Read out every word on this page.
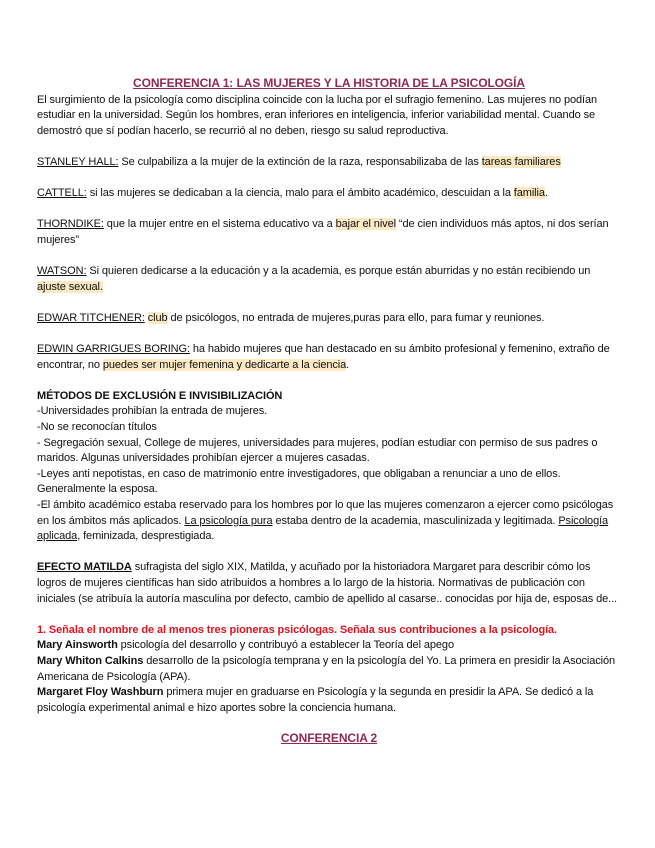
CONFERENCIA 1: LAS MUJERES Y LA HISTORIA DE LA PSICOLOGÍA

El surgimiento de la psicología como disciplina coincide con la lucha por el sufragio femenino. Las mujeres no podían estudiar en la universidad. Según los hombres, eran inferiores en inteligencia, inferior variabilidad mental. Cuando se demostró que sí podían hacerlo, se recurrió al no deben, riesgo su salud reproductiva.

STANLEY HALL: Se culpabiliza a la mujer de la extinción de la raza, responsabilizaba de las tareas familiares

CATTELL: si las mujeres se dedicaban a la ciencia, malo para el ámbito académico, descuidan a la familia.

THORNDIKE: que la mujer entre en el sistema educativo va a bajar el nivel “de cien individuos más aptos, ni dos serían mujeres”

WATSON: Si quieren dedicarse a la educación y a la academia, es porque están aburridas y no están recibiendo un ajuste sexual.

EDWAR TITCHENER: club de psicólogos, no entrada de mujeres,puras para ello, para fumar y reuniones.

EDWIN GARRIGUES BORING: ha habido mujeres que han destacado en su ámbito profesional y femenino, extraño de encontrar, no puedes ser mujer femenina y dedicarte a la ciencia.

MÉTODOS DE EXCLUSIÓN E INVISIBILIZACIÓN

-Universidades prohibían la entrada de mujeres.

-No se reconocían títulos

- Segregación sexual, College de mujeres, universidades para mujeres, podían estudiar con permiso de sus padres o maridos. Algunas universidades prohibían ejercer a mujeres casadas.

-Leyes anti nepotistas, en caso de matrimonio entre investigadores, que obligaban a renunciar a uno de ellos. Generalmente la esposa.

-El ámbito académico estaba reservado para los hombres por lo que las mujeres comenzaron a ejercer como psicólogas en los ámbitos más aplicados. La psicología pura estaba dentro de la academia, masculinizada y legitimada. Psicología aplicada, feminizada, desprestigiada.

EFECTO MATILDA sufragista del siglo XIX, Matilda, y acuñado por la historiadora Margaret para describir cómo los logros de mujeres científicas han sido atribuidos a hombres a lo largo de la historia. Normativas de publicación con iniciales (se atribuía la autoría masculina por defecto, cambio de apellido al casarse.. conocidas por hija de, esposas de...

1. Señala el nombre de al menos tres pioneras psicólogas. Señala sus contribuciones a la psicología.

Mary Ainsworth psicología del desarrollo y contribuyó a establecer la Teoría del apego

Mary Whiton Calkins desarrollo de la psicología temprana y en la psicología del Yo. La primera en presidir la Asociación Americana de Psicología (APA).

Margaret Floy Washburn primera mujer en graduarse en Psicología y la segunda en presidir la APA. Se dedicó a la psicología experimental animal e hizo aportes sobre la conciencia humana.

CONFERENCIA 2
